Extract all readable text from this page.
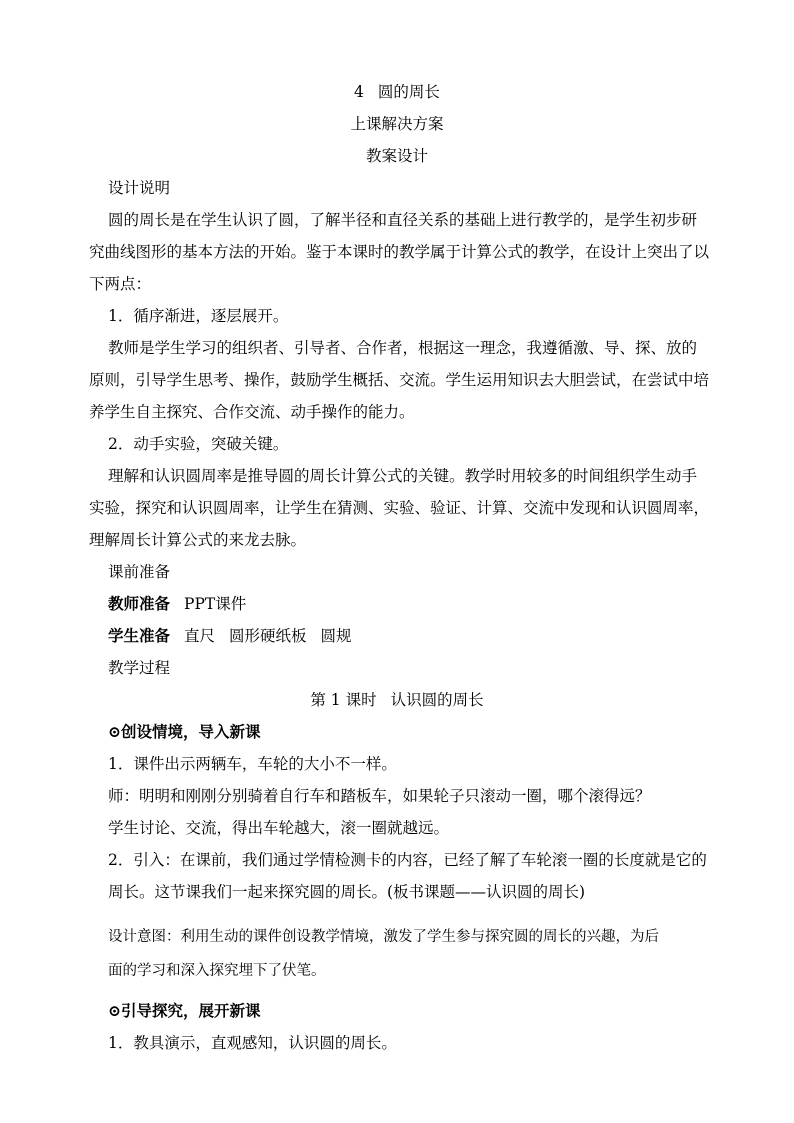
4 圆的周长
上课解决方案
教案设计
设计说明
圆的周长是在学生认识了圆，了解半径和直径关系的基础上进行教学的，是学生初步研
究曲线图形的基本方法的开始。鉴于本课时的教学属于计算公式的教学，在设计上突出了以
下两点：
1．循序渐进，逐层展开。
教师是学生学习的组织者、引导者、合作者，根据这一理念，我遵循激、导、探、放的
原则，引导学生思考、操作，鼓励学生概括、交流。学生运用知识去大胆尝试，在尝试中培
养学生自主探究、合作交流、动手操作的能力。
2．动手实验，突破关键。
理解和认识圆周率是推导圆的周长计算公式的关键。教学时用较多的时间组织学生动手
实验，探究和认识圆周率，让学生在猜测、实验、验证、计算、交流中发现和认识圆周率，
理解周长计算公式的来龙去脉。
课前准备
教师准备 PPT课件
学生准备 直尺 圆形硬纸板 圆规
教学过程
第 1 课时 认识圆的周长
⊙创设情境，导入新课
1．课件出示两辆车，车轮的大小不一样。
师：明明和刚刚分别骑着自行车和踏板车，如果轮子只滚动一圈，哪个滚得远？
学生讨论、交流，得出车轮越大，滚一圈就越远。
2．引入：在课前，我们通过学情检测卡的内容，已经了解了车轮滚一圈的长度就是它的
周长。这节课我们一起来探究圆的周长。(板书课题——认识圆的周长)
设计意图：利用生动的课件创设教学情境，激发了学生参与探究圆的周长的兴趣，为后
面的学习和深入探究埋下了伏笔。
⊙引导探究，展开新课
1．教具演示，直观感知，认识圆的周长。
